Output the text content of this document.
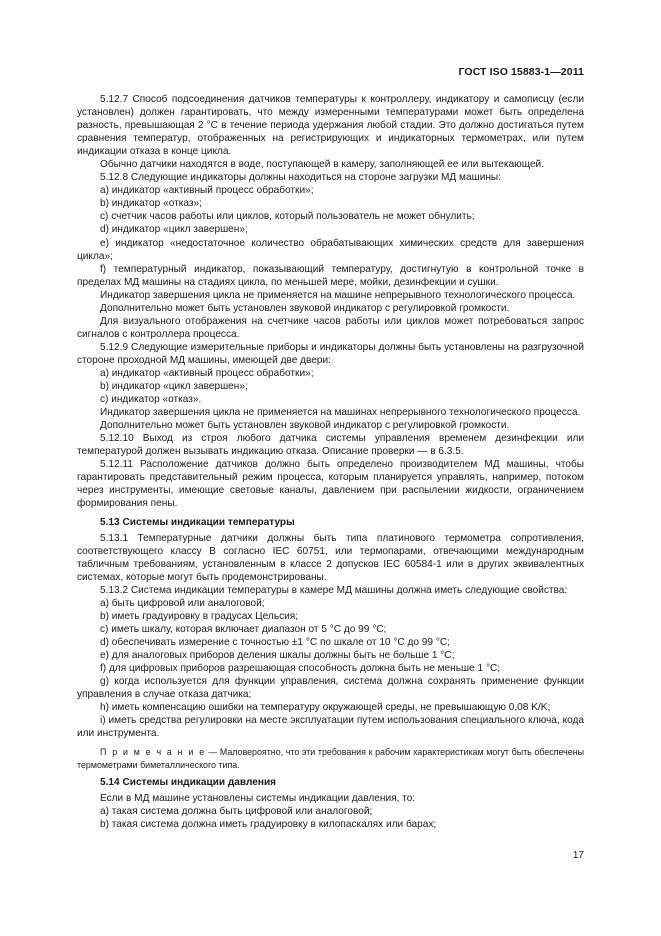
ГОСТ ISO 15883-1—2011

5.12.7 Способ подсоединения датчиков температуры к контроллеру, индикатору и самописцу (если установлен) должен гарантировать, что между измеренными температурами может быть определена разность, превышающая 2 °С в течение периода удержания любой стадии. Это должно достигаться путем сравнения температур, отображенных на регистрирующих и индикаторных термометрах, или путем индикации отказа в конце цикла.

Обычно датчики находятся в воде, поступающей в камеру, заполняющей ее или вытекающей.

5.12.8 Следующие индикаторы должны находиться на стороне загрузки МД машины:

a) индикатор «активный процесс обработки»;

b) индикатор «отказ»;

c) счетчик часов работы или циклов, который пользователь не может обнулить;

d) индикатор «цикл завершен»;

e) индикатор «недостаточное количество обрабатывающих химических средств для завершения цикла»;

f) температурный индикатор, показывающий температуру, достигнутую в контрольной точке в пределах МД машины на стадиях цикла, по меньшей мере, мойки, дезинфекции и сушки.

Индикатор завершения цикла не применяется на машине непрерывного технологического процесса.

Дополнительно может быть установлен звуковой индикатор с регулировкой громкости.

Для визуального отображения на счетчике часов работы или циклов может потребоваться запрос сигналов с контроллера процесса.

5.12.9 Следующие измерительные приборы и индикаторы должны быть установлены на разгрузочной стороне проходной МД машины, имеющей две двери:

a) индикатор «активный процесс обработки»;

b) индикатор «цикл завершен»;

c) индикатор «отказ».

Индикатор завершения цикла не применяется на машинах непрерывного технологического процесса.

Дополнительно может быть установлен звуковой индикатор с регулировкой громкости.

5.12.10 Выход из строя любого датчика системы управления временем дезинфекции или температурой должен вызывать индикацию отказа. Описание проверки — в 6.3.5.

5.12.11 Расположение датчиков должно быть определено производителем МД машины, чтобы гарантировать представительный режим процесса, которым планируется управлять, например, потоком через инструменты, имеющие световые каналы, давлением при распылении жидкости, ограничением формирования пены.

5.13 Системы индикации температуры

5.13.1 Температурные датчики должны быть типа платинового термометра сопротивления, соответствующего классу В согласно IEC 60751, или термопарами, отвечающими международным табличным требованиям, установленным в классе 2 допусков IEC 60584-1 или в других эквивалентных системах, которые могут быть продемонстрированы.

5.13.2 Система индикации температуры в камере МД машины должна иметь следующие свойства:

a) быть цифровой или аналоговой;

b) иметь градуировку в градусах Цельсия;

c) иметь шкалу, которая включает диапазон от 5 °С до 99 °С;

d) обеспечивать измерение с точностью ±1 °С по шкале от 10 °С до 99 °С;

e) для аналоговых приборов деления шкалы должны быть не больше 1 °С;

f) для цифровых приборов разрешающая способность должна быть не меньше 1 °С;

g) когда используется для функции управления, система должна сохранять применение функции управления в случае отказа датчика;

h) иметь компенсацию ошибки на температуру окружающей среды, не превышающую 0,08 K/K;

i) иметь средства регулировки на месте эксплуатации путем использования специального ключа, кода или инструмента.

П р и м е ч а н и е — Маловероятно, что эти требования к рабочим характеристикам могут быть обеспечены термометрами биметаллического типа.

5.14 Системы индикации давления

Если в МД машине установлены системы индикации давления, то:

a) такая система должна быть цифровой или аналоговой;

b) такая система должна иметь градуировку в килопаскалях или барах;

17
